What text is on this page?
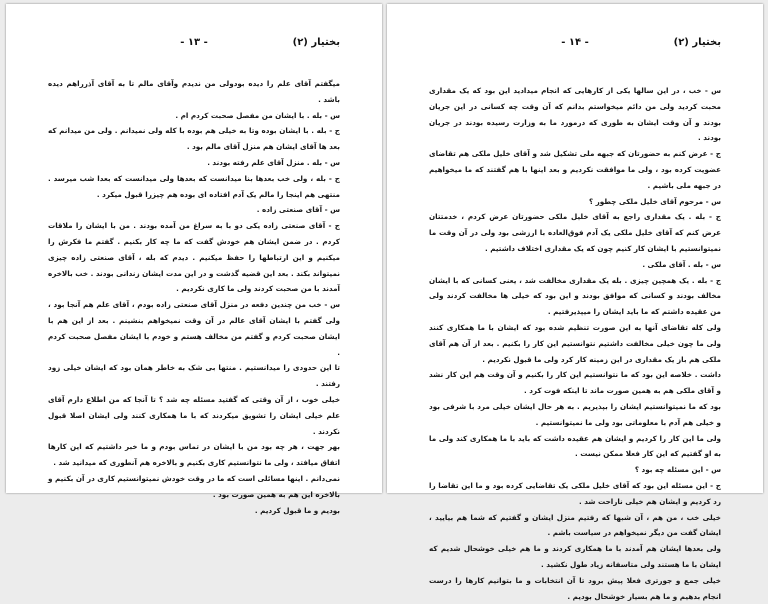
بختیار (۲)
- ۱۳ -

میگفتم آقای علم را دیده بودولی من ندیدم وآقای مالم تا به آقای آذرراهم دیده باشد .

س - بله . با ایشان من مفصل صحبت کردم ام .

ج - بله . با ایشان بوده وتا به خیلی هم بوده با کله ولی نمیدانم . ولی من میدانم که بعد ها آقای ایشان هم منزل آقای مالم بود .

س - بله . منزل آقای علم رفته بودند .

ج - بله ، ولی خب بعدها بنا میدانست که بعدها ولی میدانست که بعدا شب میرسد . منتهی هم اینجا را مالم یک آدم افتاده ای بوده هم چیزرا قبول میکرد .

س - آقای صنعتی زاده .

ج - آقای صنعتی زاده یکی دو با به سراغ من آمده بودند . من با ایشان را ملاقات کردم . در ضمن ایشان هم خودش گفت که ما چه کار بکنیم . گفتم ما فکرش را میکنیم و این ارتباطها را حفظ میکنیم . دیدم که بله ، آقای صنعتی زاده چیزی نمیتواند بکند . بعد این قضیه گذشت و در این مدت ایشان زندانی بودند . خب بالاخره آمدند با من صحبت کردند ولی ما کاری نکردیم .

س - خب من چندین دفعه در منزل آقای صنعتی زاده بودم ، آقای علم هم آنجا بود ، ولی گفتم با ایشان آقای عالم در آن وقت نمیخواهم بنشینم . بعد از این هم با ایشان صحبت کردم و گفتم من مخالف هستم و خودم با ایشان مفصل صحبت کردم .

تا این حدودی را میدانستیم . منتها بی شک به خاطر همان بود که ایشان خیلی زود رفتند .

خیلی خوب ، از آن وقتی که گفتید مسئله چه شد ؟ تا آنجا که من اطلاع دارم آقای علم خیلی ایشان را تشویق میکردند که با ما همکاری کنند ولی ایشان اصلا قبول نکردند .

بهر جهت ، هر چه بود من با ایشان در تماس بودم و ما خبر داشتیم که این کارها اتفاق میافتد ، ولی ما نتوانستیم کاری بکنیم و بالاخره هم آنطوری که میدانید شد .

نمی‌دانم . اینها مسائلی است که ما در وقت خودش نمیتوانستیم کاری در آن بکنیم و بالاخره این هم به همین صورت بود .

بودیم و ما قبول کردیم .

بختیار (۲)
- ۱۴ -

س - خب ، در این سالها یکی از کارهایی که انجام میدادید این بود که یک مقداری محبت کردید ولی من دائم میخواستم بدانم که آن وقت چه کسانی در این جریان بودند و آن وقت ایشان به طوری که درمورد ما به وزارت رسیده بودند در جریان بودند .

ج - عرض کنم به حضورتان که جبهه ملی تشکیل شد و آقای خلیل ملکی هم تقاضای عضویت کرده بود ، ولی ما موافقت نکردیم و بعد اینها با هم گفتند که ما میخواهیم در جبهه ملی باشیم .

س - مرحوم آقای خلیل ملکی چطور ؟

ج - بله . یک مقداری راجع به آقای خلیل ملکی حضورتان عرض کردم ، خدمتتان عرض کنم که آقای خلیل ملکی یک آدم فوق‌العاده با ارزشی بود ولی در آن وقت ما نمیتوانستیم با ایشان کار کنیم چون که یک مقداری اختلاف داشتیم .

س - بله . آقای ملکی .

ج - بله . یک همچین چیزی . بله یک مقداری مخالفت شد ، یعنی کسانی که با ایشان مخالف بودند و کسانی که موافق بودند و این بود که خیلی ها مخالفت کردند ولی من عقیده داشتم که ما باید ایشان را میپذیرفتیم .

ولی کله تقاضای آنها به این صورت تنظیم شده بود که ایشان با ما همکاری کنند ولی ما چون خیلی مخالفت داشتیم نتوانستیم این کار را بکنیم . بعد از آن هم آقای ملکی هم باز یک مقداری در این زمینه کار کرد ولی ما قبول نکردیم .

داشت . خلاصه این بود که ما نتوانستیم این کار را بکنیم و آن وقت هم این کار نشد و آقای ملکی هم به همین صورت ماند تا اینکه فوت کرد .

بود که ما نمیتوانستیم ایشان را بپذیریم . به هر حال ایشان خیلی مرد با شرفی بود و خیلی هم آدم با معلوماتی بود ولی ما نمیتوانستیم .

ولی ما این کار را کردیم و ایشان هم عقیده داشت که باید با ما همکاری کند ولی ما به او گفتیم که این کار فعلا ممکن نیست .

س - این مسئله چه بود ؟

ج - این مسئله این بود که آقای خلیل ملکی یک تقاضایی کرده بود و ما این تقاضا را رد کردیم و ایشان هم خیلی ناراحت شد .

خیلی خب ، من هم ، آن شبها که رفتیم منزل ایشان و گفتیم که شما هم بیایید ، ایشان گفت من دیگر نمیخواهم در سیاست باشم .

ولی بعدها ایشان هم آمدند با ما همکاری کردند و ما هم خیلی خوشحال شدیم که ایشان با ما هستند ولی متاسفانه زیاد طول نکشید .

خیلی جمع و جورتری فعلا پیش برود تا آن انتخابات و ما بتوانیم کارها را درست انجام بدهیم و ما هم بسیار خوشحال بودیم .
